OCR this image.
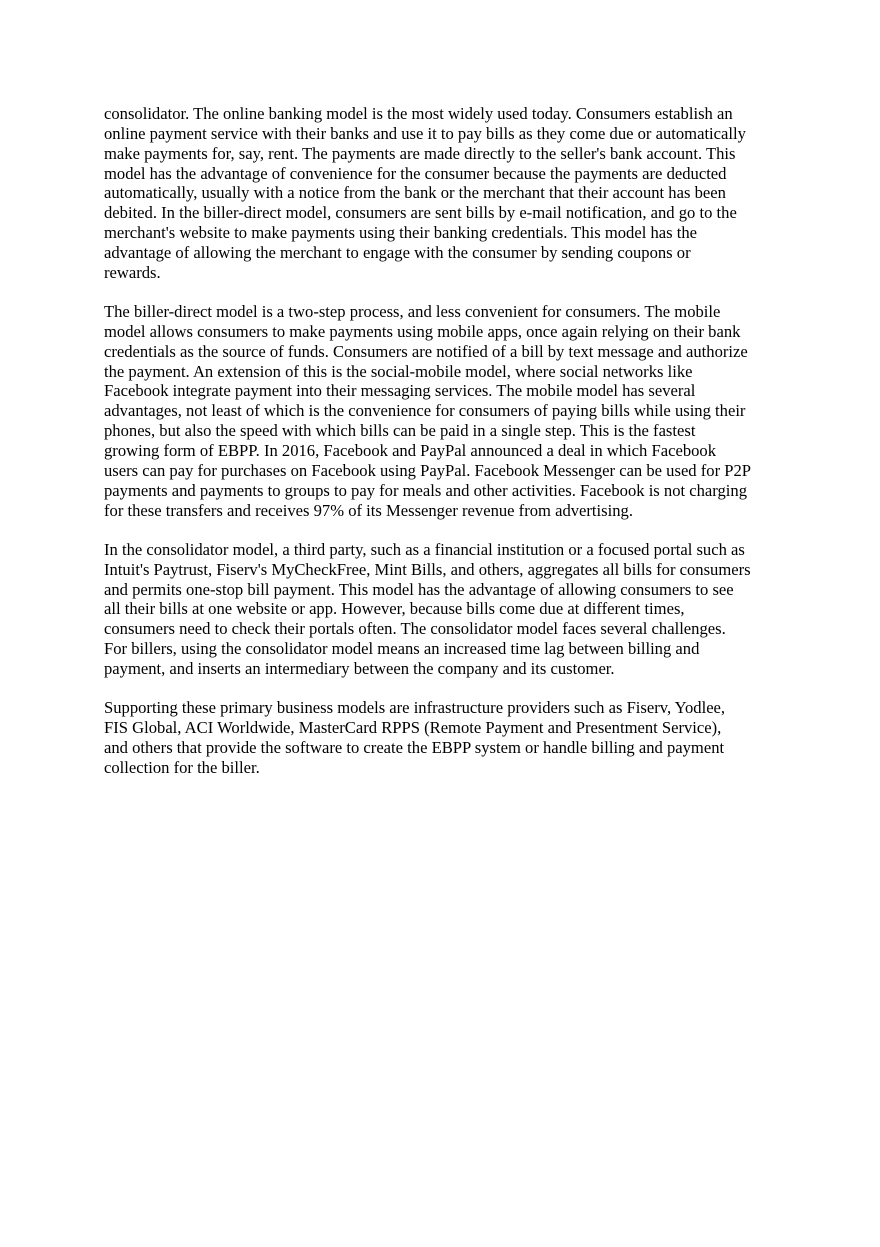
consolidator. The online banking model is the most widely used today. Consumers establish an
online payment service with their banks and use it to pay bills as they come due or automatically
make payments for, say, rent. The payments are made directly to the seller's bank account. This
model has the advantage of convenience for the consumer because the payments are deducted
automatically, usually with a notice from the bank or the merchant that their account has been
debited. In the biller-direct model, consumers are sent bills by e-mail notification, and go to the
merchant's website to make payments using their banking credentials. This model has the
advantage of allowing the merchant to engage with the consumer by sending coupons or
rewards.

The biller-direct model is a two-step process, and less convenient for consumers. The mobile
model allows consumers to make payments using mobile apps, once again relying on their bank
credentials as the source of funds. Consumers are notified of a bill by text message and authorize
the payment. An extension of this is the social-mobile model, where social networks like
Facebook integrate payment into their messaging services. The mobile model has several
advantages, not least of which is the convenience for consumers of paying bills while using their
phones, but also the speed with which bills can be paid in a single step. This is the fastest
growing form of EBPP. In 2016, Facebook and PayPal announced a deal in which Facebook
users can pay for purchases on Facebook using PayPal. Facebook Messenger can be used for P2P
payments and payments to groups to pay for meals and other activities. Facebook is not charging
for these transfers and receives 97% of its Messenger revenue from advertising.

In the consolidator model, a third party, such as a financial institution or a focused portal such as
Intuit's Paytrust, Fiserv's MyCheckFree, Mint Bills, and others, aggregates all bills for consumers
and permits one-stop bill payment. This model has the advantage of allowing consumers to see
all their bills at one website or app. However, because bills come due at different times,
consumers need to check their portals often. The consolidator model faces several challenges.
For billers, using the consolidator model means an increased time lag between billing and
payment, and inserts an intermediary between the company and its customer.

Supporting these primary business models are infrastructure providers such as Fiserv, Yodlee,
FIS Global, ACI Worldwide, MasterCard RPPS (Remote Payment and Presentment Service),
and others that provide the software to create the EBPP system or handle billing and payment
collection for the biller.
